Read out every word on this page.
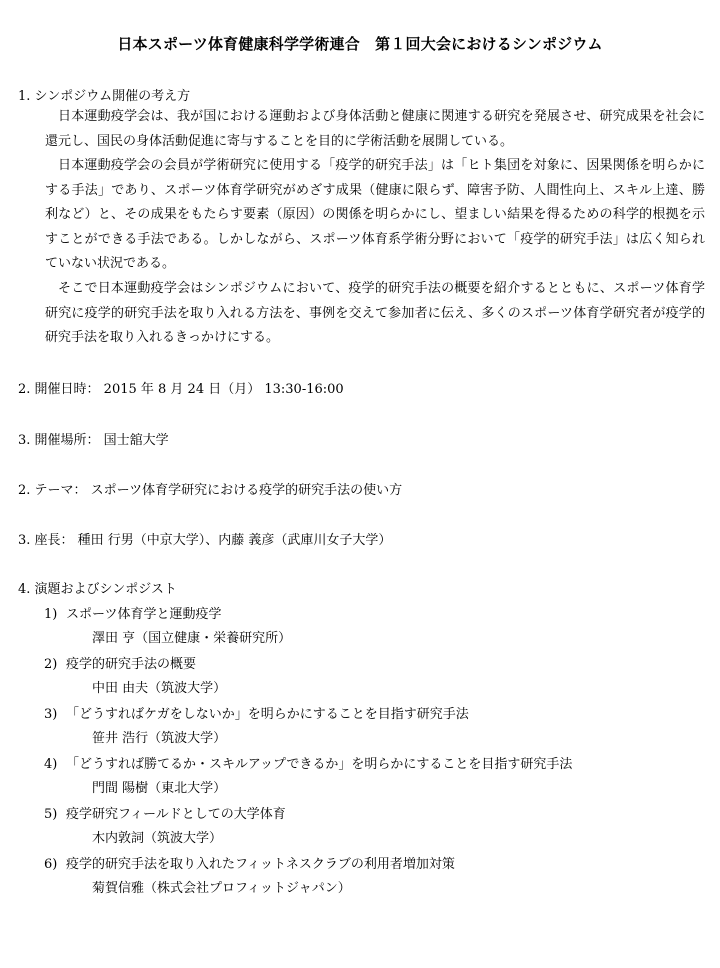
日本スポーツ体育健康科学学術連合　第１回大会におけるシンポジウム
1. シンポジウム開催の考え方
日本運動疫学会は、我が国における運動および身体活動と健康に関連する研究を発展させ、研究成果を社会に還元し、国民の身体活動促進に寄与することを目的に学術活動を展開している。
日本運動疫学会の会員が学術研究に使用する「疫学的研究手法」は「ヒト集団を対象に、因果関係を明らかにする手法」であり、スポーツ体育学研究がめざす成果（健康に限らず、障害予防、人間性向上、スキル上達、勝利など）と、その成果をもたらす要素（原因）の関係を明らかにし、望ましい結果を得るための科学的根拠を示すことができる手法である。しかしながら、スポーツ体育系学術分野において「疫学的研究手法」は広く知られていない状況である。
そこで日本運動疫学会はシンポジウムにおいて、疫学的研究手法の概要を紹介するとともに、スポーツ体育学研究に疫学的研究手法を取り入れる方法を、事例を交えて参加者に伝え、多くのスポーツ体育学研究者が疫学的研究手法を取り入れるきっかけにする。
2. 開催日時： 2015 年 8 月 24 日（月） 13:30-16:00
3. 開催場所： 国士舘大学
2. テーマ： スポーツ体育学研究における疫学的研究手法の使い方
3. 座長： 種田 行男（中京大学）、内藤 義彦（武庫川女子大学）
4. 演題およびシンポジスト
1) スポーツ体育学と運動疫学
澤田 亨（国立健康・栄養研究所）
2) 疫学的研究手法の概要
中田 由夫（筑波大学）
3) 「どうすればケガをしないか」を明らかにすることを目指す研究手法
笹井 浩行（筑波大学）
4) 「どうすれば勝てるか・スキルアップできるか」を明らかにすることを目指す研究手法
門間 陽樹（東北大学）
5) 疫学研究フィールドとしての大学体育
木内敦詞（筑波大学）
6) 疫学的研究手法を取り入れたフィットネスクラブの利用者増加対策
菊賀信雅（株式会社プロフィットジャパン）
